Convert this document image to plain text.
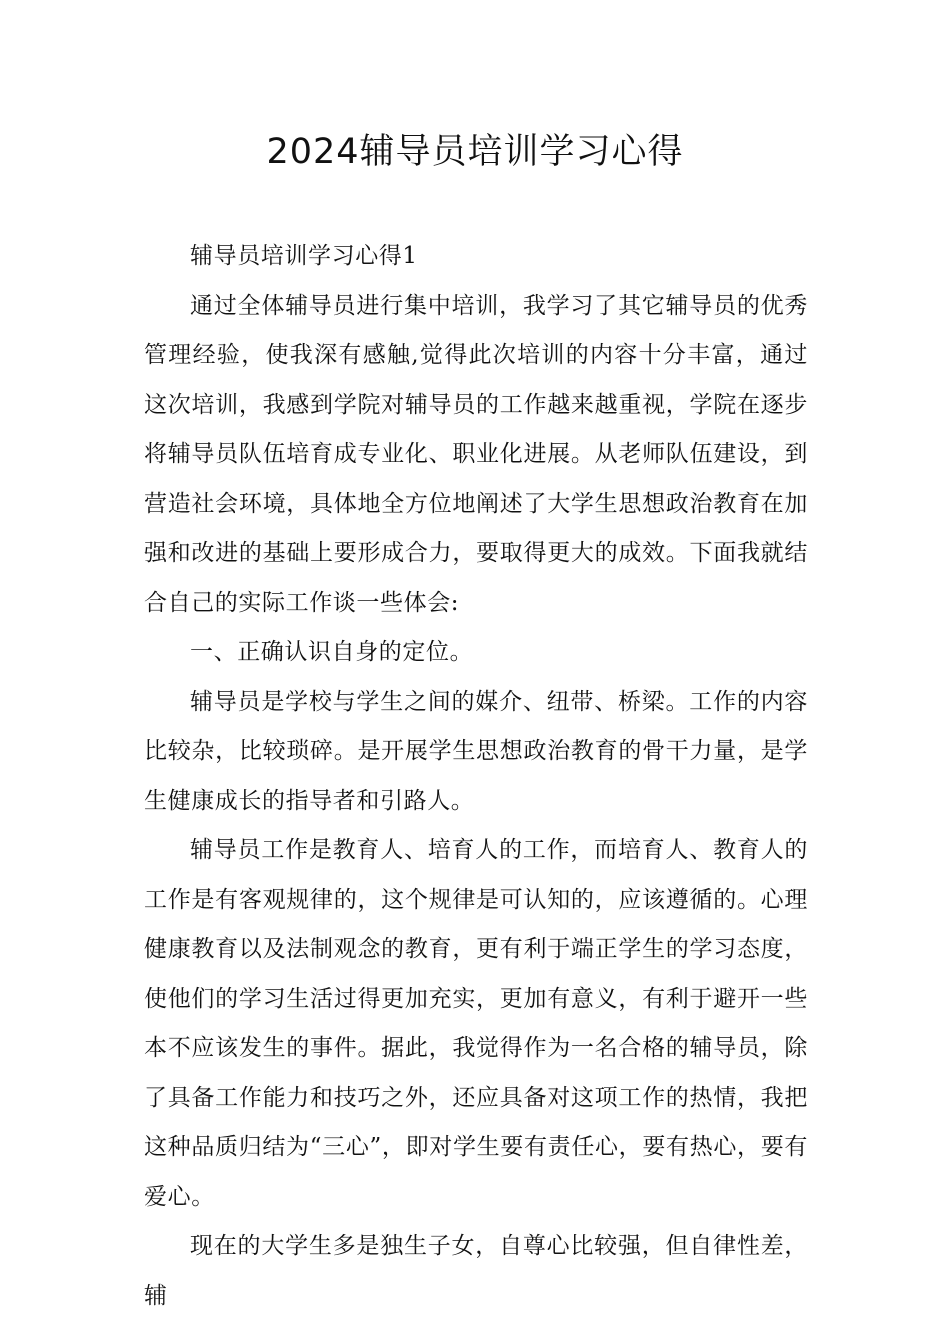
2024辅导员培训学习心得

辅导员培训学习心得1

通过全体辅导员进行集中培训，我学习了其它辅导员的优秀管理经验，使我深有感触,觉得此次培训的内容十分丰富，通过这次培训，我感到学院对辅导员的工作越来越重视，学院在逐步将辅导员队伍培育成专业化、职业化进展。从老师队伍建设，到营造社会环境，具体地全方位地阐述了大学生思想政治教育在加强和改进的基础上要形成合力，要取得更大的成效。下面我就结合自己的实际工作谈一些体会:

一、正确认识自身的定位。

辅导员是学校与学生之间的媒介、纽带、桥梁。工作的内容比较杂，比较琐碎。是开展学生思想政治教育的骨干力量，是学生健康成长的指导者和引路人。

辅导员工作是教育人、培育人的工作，而培育人、教育人的工作是有客观规律的，这个规律是可认知的，应该遵循的。心理健康教育以及法制观念的教育，更有利于端正学生的学习态度，使他们的学习生活过得更加充实，更加有意义，有利于避开一些本不应该发生的事件。据此，我觉得作为一名合格的辅导员，除了具备工作能力和技巧之外，还应具备对这项工作的热情，我把这种品质归结为“三心”，即对学生要有责任心，要有热心，要有爱心。

现在的大学生多是独生子女，自尊心比较强，但自律性差，辅
